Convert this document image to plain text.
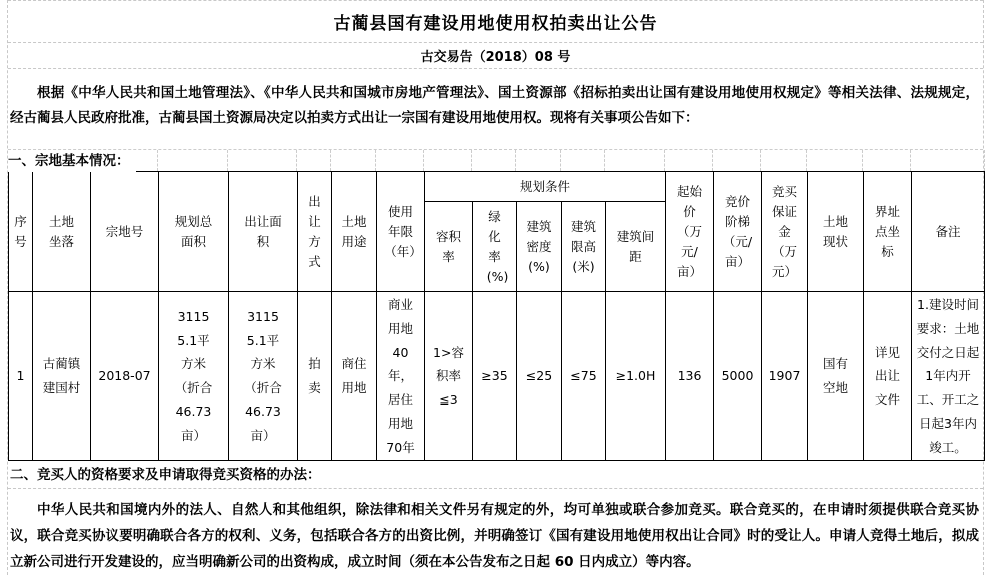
古蔺县国有建设用地使用权拍卖出让公告
古交易告（2018）08 号
根据《中华人民共和国土地管理法》、《中华人民共和国城市房地产管理法》、国土资源部《招标拍卖出让国有建设用地使用权规定》等相关法律、法规规定， 经古蔺县人民政府批准，古蔺县国土资源局决定以拍卖方式出让一宗国有建设用地使用权。现将有关事项公告如下：
一、宗地基本情况：
序号	土地坐落	宗地号	规划总面积	出让面积	出让方式	土地用途	使用年限（年）	规划条件					起始价（万元/亩）	竞价阶梯（元/亩）	竞买保证金（万元）	土地现状	界址点坐标	备注
								容积率	绿化率(%)	建筑密度(%)	建筑限高(米)	建筑间距						
1	古蔺镇建国村	2018-07	31155.1平方米（折合46.73亩）	31155.1平方米（折合46.73亩）	拍卖	商住用地	商业用地40年，居住用地70年	1>容积率≦3	≥35	≤25	≤75	≥1.0H	136	5000	1907	国有空地	详见出让文件	1.建设时间要求：土地交付之日起1年内开工、开工之日起3年内竣工。
二、竞买人的资格要求及申请取得竞买资格的办法：
中华人民共和国境内外的法人、自然人和其他组织，除法律和相关文件另有规定的外，均可单独或联合参加竞买。联合竞买的，在申请时须提供联合竞买协议，联合竞买协议要明确联合各方的权利、义务，包括联合各方的出资比例，并明确签订《国有建设用地使用权出让合同》时的受让人。申请人竞得土地后，拟成立新公司进行开发建设的，应当明确新公司的出资构成，成立时间（须在本公告发布之日起 60 日内成立）等内容。
